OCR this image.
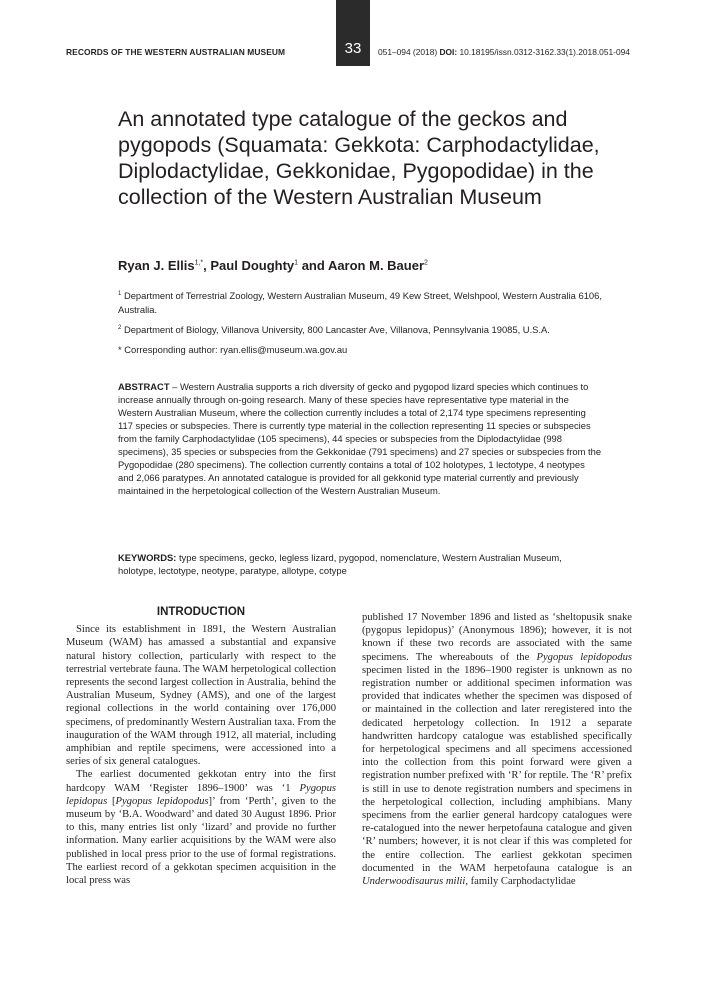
33
RECORDS OF THE WESTERN AUSTRALIAN MUSEUM	051–094 (2018) DOI: 10.18195/issn.0312-3162.33(1).2018.051-094
An annotated type catalogue of the geckos and pygopods (Squamata: Gekkota: Carphodactylidae, Diplodactylidae, Gekkonidae, Pygopodidae) in the collection of the Western Australian Museum
Ryan J. Ellis$^{1,*}$, Paul Doughty$^1$ and Aaron M. Bauer$^2$
$^1$ Department of Terrestrial Zoology, Western Australian Museum, 49 Kew Street, Welshpool, Western Australia 6106, Australia.
$^2$ Department of Biology, Villanova University, 800 Lancaster Ave, Villanova, Pennsylvania 19085, U.S.A.
* Corresponding author: ryan.ellis@museum.wa.gov.au

ABSTRACT – Western Australia supports a rich diversity of gecko and pygopod lizard species which continues to increase annually through on-going research. Many of these species have representative type material in the Western Australian Museum, where the collection currently includes a total of 2,174 type specimens representing 117 species or subspecies. There is currently type material in the collection representing 11 species or subspecies from the family Carphodactylidae (105 specimens), 44 species or subspecies from the Diplodactylidae (998 specimens), 35 species or subspecies from the Gekkonidae (791 specimens) and 27 species or subspecies from the Pygopodidae (280 specimens). The collection currently contains a total of 102 holotypes, 1 lectotype, 4 neotypes and 2,066 paratypes. An annotated catalogue is provided for all gekkonid type material currently and previously maintained in the herpetological collection of the Western Australian Museum.

KEYWORDS: type specimens, gecko, legless lizard, pygopod, nomenclature, Western Australian Museum, holotype, lectotype, neotype, paratype, allotype, cotype

INTRODUCTION

Since its establishment in 1891, the Western Australian Museum (WAM) has amassed a substantial and expansive natural history collection, particularly with respect to the terrestrial vertebrate fauna. The WAM herpetological collection represents the second largest collection in Australia, behind the Australian Museum, Sydney (AMS), and one of the largest regional collections in the world containing over 176,000 specimens, of predominantly Western Australian taxa. From the inauguration of the WAM through 1912, all material, including amphibian and reptile specimens, were accessioned into a series of six general catalogues.

The earliest documented gekkotan entry into the first hardcopy WAM ‘Register 1896–1900’ was ‘1 Pygopus lepidopus [Pygopus lepidopodus]’ from ‘Perth’, given to the museum by ‘B.A. Woodward’ and dated 30 August 1896. Prior to this, many entries list only ‘lizard’ and provide no further information. Many earlier acquisitions by the WAM were also published in local press prior to the use of formal registrations. The earliest record of a gekkotan specimen acquisition in the local press was

published 17 November 1896 and listed as ‘sheltopusik snake (pygopus lepidopus)’ (Anonymous 1896); however, it is not known if these two records are associated with the same specimens. The whereabouts of the Pygopus lepidopodus specimen listed in the 1896–1900 register is unknown as no registration number or additional specimen information was provided that indicates whether the specimen was disposed of or maintained in the collection and later reregistered into the dedicated herpetology collection. In 1912 a separate handwritten hardcopy catalogue was established specifically for herpetological specimens and all specimens accessioned into the collection from this point forward were given a registration number prefixed with ‘R’ for reptile. The ‘R’ prefix is still in use to denote registration numbers and specimens in the herpetological collection, including amphibians. Many specimens from the earlier general hardcopy catalogues were re-catalogued into the newer herpetofauna catalogue and given ‘R’ numbers; however, it is not clear if this was completed for the entire collection. The earliest gekkotan specimen documented in the WAM herpetofauna catalogue is an Underwoodisaurus milii, family Carphodactylidae
